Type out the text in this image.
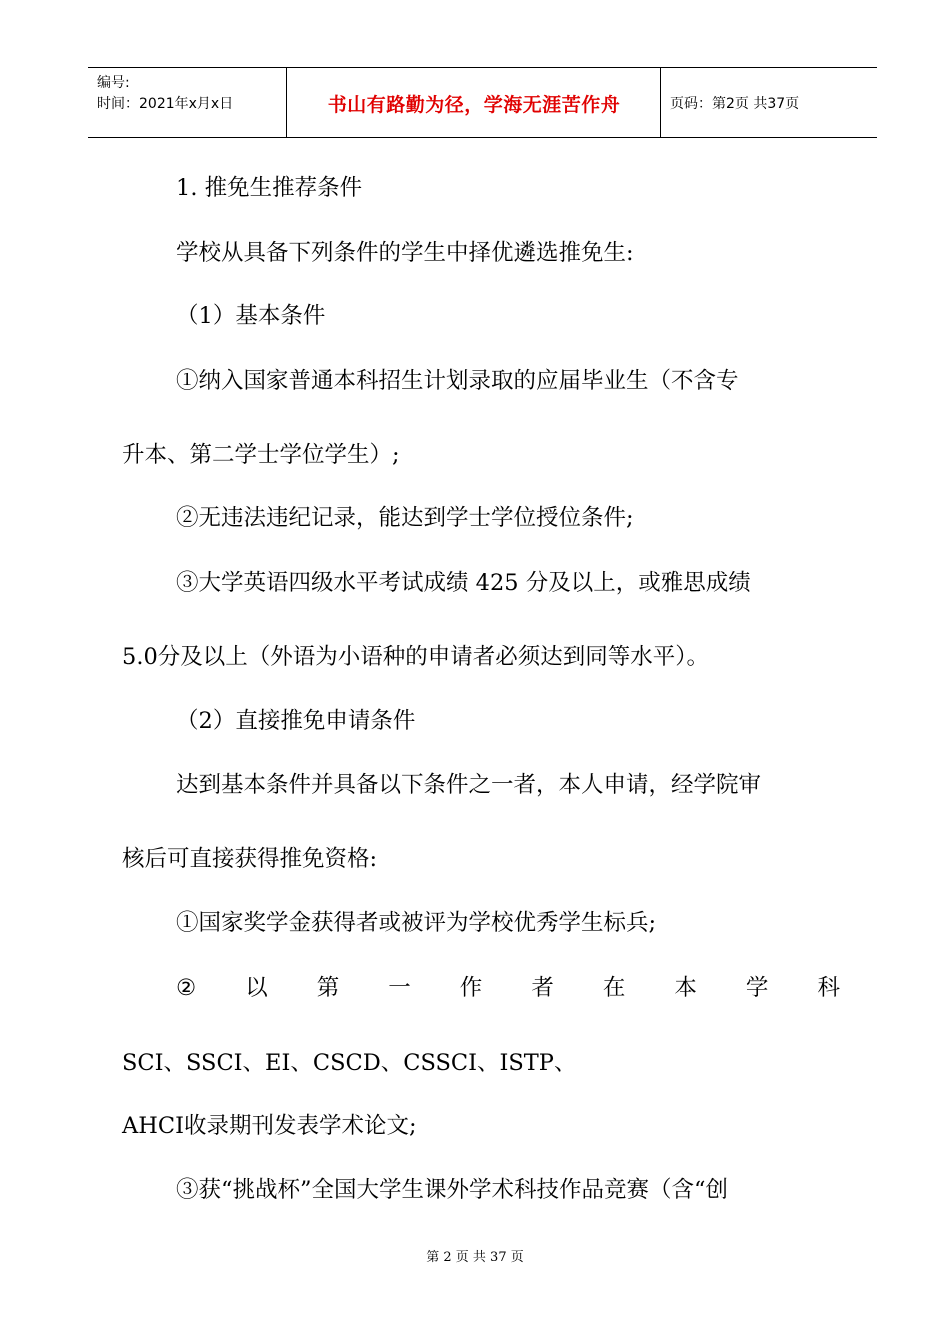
编号:
时间：2021年x月x日	书山有路勤为径，学海无涯苦作舟	页码：第2页 共37页
1. 推免生推荐条件
学校从具备下列条件的学生中择优遴选推免生:
（1）基本条件
①纳入国家普通本科招生计划录取的应届毕业生（不含专
升本、第二学士学位学生）;
②无违法违纪记录，能达到学士学位授位条件;
③大学英语四级水平考试成绩 425 分及以上，或雅思成绩
5.0分及以上（外语为小语种的申请者必须达到同等水平）。
（2）直接推免申请条件
达到基本条件并具备以下条件之一者，本人申请，经学院审
核后可直接获得推免资格:
①国家奖学金获得者或被评为学校优秀学生标兵;
② 以 第 一 作 者 在 本 学 科
SCI、SSCI、EI、CSCD、CSSCI、ISTP、
AHCI收录期刊发表学术论文;
③获“挑战杯”全国大学生课外学术科技作品竞赛（含“创
第 2 页 共 37 页
